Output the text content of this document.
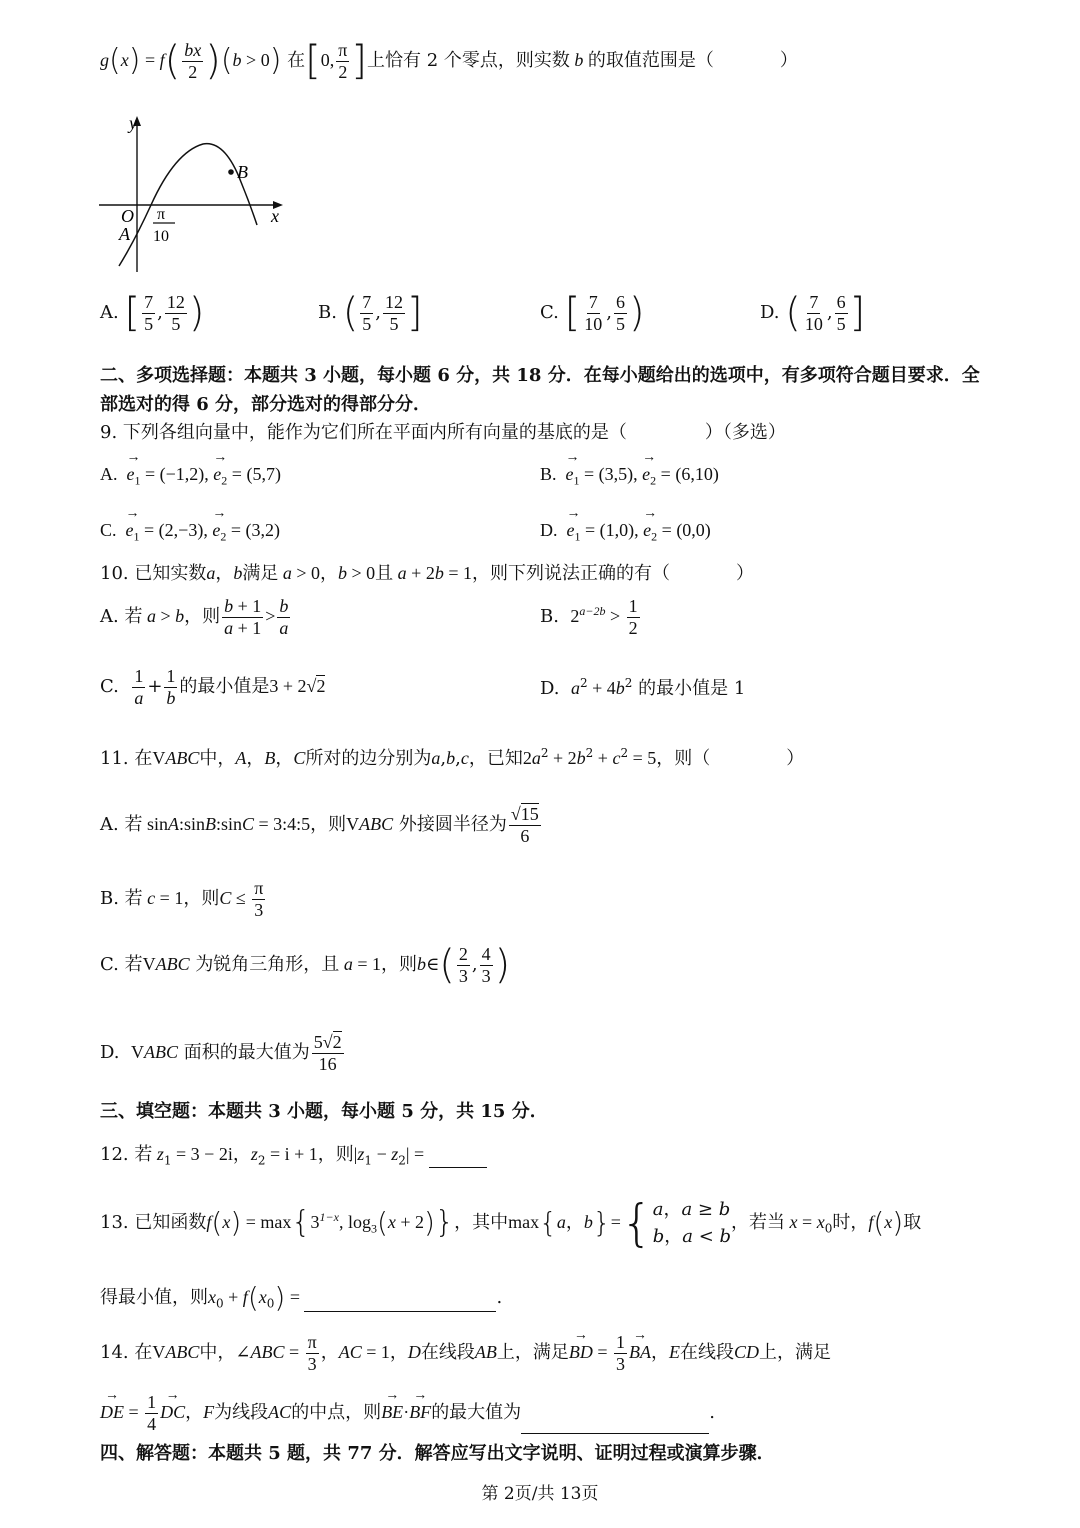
$g(x) = f( \frac{bx}{2} )(b > 0)$ 在[0, $\frac{\pi}{2}$ ]上恰有 2 个零点，则实数 b 的取值范围是（	）
y
x
O
A
B
π
10
A. [ $\frac{7}{5}$ , $\frac{12}{5}$ )	B. ( $\frac{7}{5}$ , $\frac{12}{5}$ ]	C. [ $\frac{7}{10}$ , $\frac{6}{5}$ )	D. ( $\frac{7}{10}$ , $\frac{6}{5}$ ]
二、多项选择题：本题共 3 小题，每小题 6 分，共 18 分．在每小题给出的选项中，有多项符合题目要求．全
部选对的得 6 分，部分选对的得部分分．
9. 下列各组向量中，能作为它们所在平面内所有向量的基底的是（	）（多选）
A. → $e_1 = (-1,2)$, → $e_2 = (5,7)$	B. → $e_1 = (3,5)$, → $e_2 = (6,10)$
C. → $e_1 = (2,-3)$, → $e_2 = (3,2)$	D. → $e_1 = (1,0)$, → $e_2 = (0,0)$
10. 已知实数a，b满足 a > 0，b > 0且 a + 2b = 1，则下列说法正确的有（	）
A. 若 a > b，则 $\frac{b + 1}{a + 1} > \frac{b}{a}$	B. $2^{a-2b} > \frac{1}{2}$
C. $\frac{1}{a} + \frac{1}{b}$ 的最小值是3 + 2√2	D. $a^2 + 4b^2$ 的最小值是 1
11. 在VABC中，A，B，C所对的边分别为a,b,c，已知$2a^2 + 2b^2 + c^2 = 5$，则（	）
A. 若 sinA:sinB:sinC = 3:4:5，则VABC 外接圆半径为 $\frac{√15}{6}$
B. 若 c = 1，则$C \le \frac{\pi}{3}$
C. 若VABC 为锐角三角形，且 a = 1，则b∈( $\frac{2}{3}$ , $\frac{4}{3}$ )
D. VABC 面积的最大值为 $\frac{5√2}{16}$
三、填空题：本题共 3 小题，每小题 5 分，共 15 分．
12. 若 $z_1 = 3 - 2i$，$z_2 = i + 1$，则$|z_1 - z_2|$ =
13. 已知函数$f(x) = \max\{3^{1-x}$, $\log_3(x + 2)$}，其中max{a，b}={ a，a ≥ b
b，a < b
，若当 $x = x_0$时，f(x)取
得最小值，则$x_0 + f(x_0)$ =	.
14. 在VABC中，∠ABC = $\frac{\pi}{3}$ ，AC = 1，D在线段AB上，满足→ BD = $\frac{1}{3}$ → BA，E在线段CD上，满足
→ DE = $\frac{1}{4}$ → DC，F为线段AC的中点，则→ BE·→ BF的最大值为	.
四、解答题：本题共 5 题，共 77 分．解答应写出文字说明、证明过程或演算步骤．
第 2页/共 13页
